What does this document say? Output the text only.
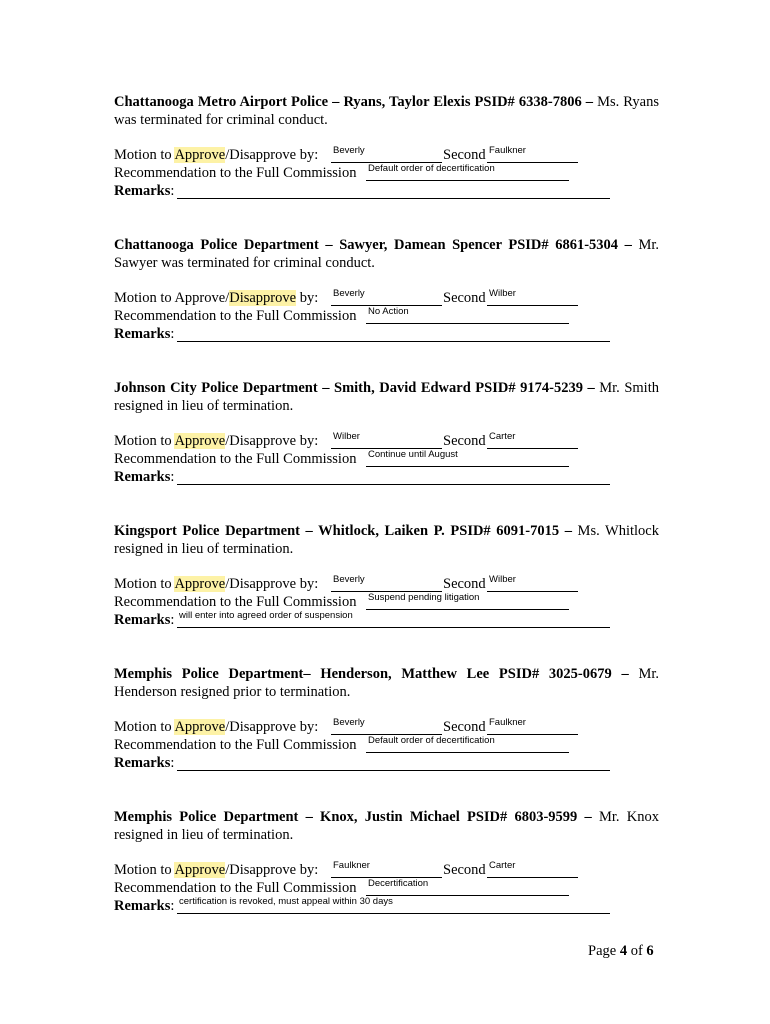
Page 4 of 6
Chattanooga Metro Airport Police – Ryans, Taylor Elexis PSID# 6338-7806 – Ms. Ryans was terminated for criminal conduct.
Motion to Approve/Disapprove by: Beverly	Second Faulkner
Recommendation to the Full Commission Default order of decertification
Remarks:
Chattanooga Police Department – Sawyer, Damean Spencer PSID# 6861-5304 – Mr. Sawyer was terminated for criminal conduct.
Motion to Approve/Disapprove by: Beverly	Second Wilber
Recommendation to the Full Commission No Action
Remarks:
Johnson City Police Department – Smith, David Edward PSID# 9174-5239 – Mr. Smith resigned in lieu of termination.
Motion to Approve/Disapprove by: Wilber	Second Carter
Recommendation to the Full Commission Continue until August
Remarks:
Kingsport Police Department – Whitlock, Laiken P. PSID# 6091-7015 – Ms. Whitlock resigned in lieu of termination.
Motion to Approve/Disapprove by: Beverly	Second Wilber
Recommendation to the Full Commission Suspend pending litigation
Remarks: will enter into agreed order of suspension
Memphis Police Department– Henderson, Matthew Lee PSID# 3025-0679 – Mr. Henderson resigned prior to termination.
Motion to Approve/Disapprove by: Beverly	Second Faulkner
Recommendation to the Full Commission Default order of decertification
Remarks:
Memphis Police Department – Knox, Justin Michael PSID# 6803-9599 – Mr. Knox resigned in lieu of termination.
Motion to Approve/Disapprove by: Faulkner	Second Carter
Recommendation to the Full Commission Decertification
Remarks: certification is revoked, must appeal within 30 days
